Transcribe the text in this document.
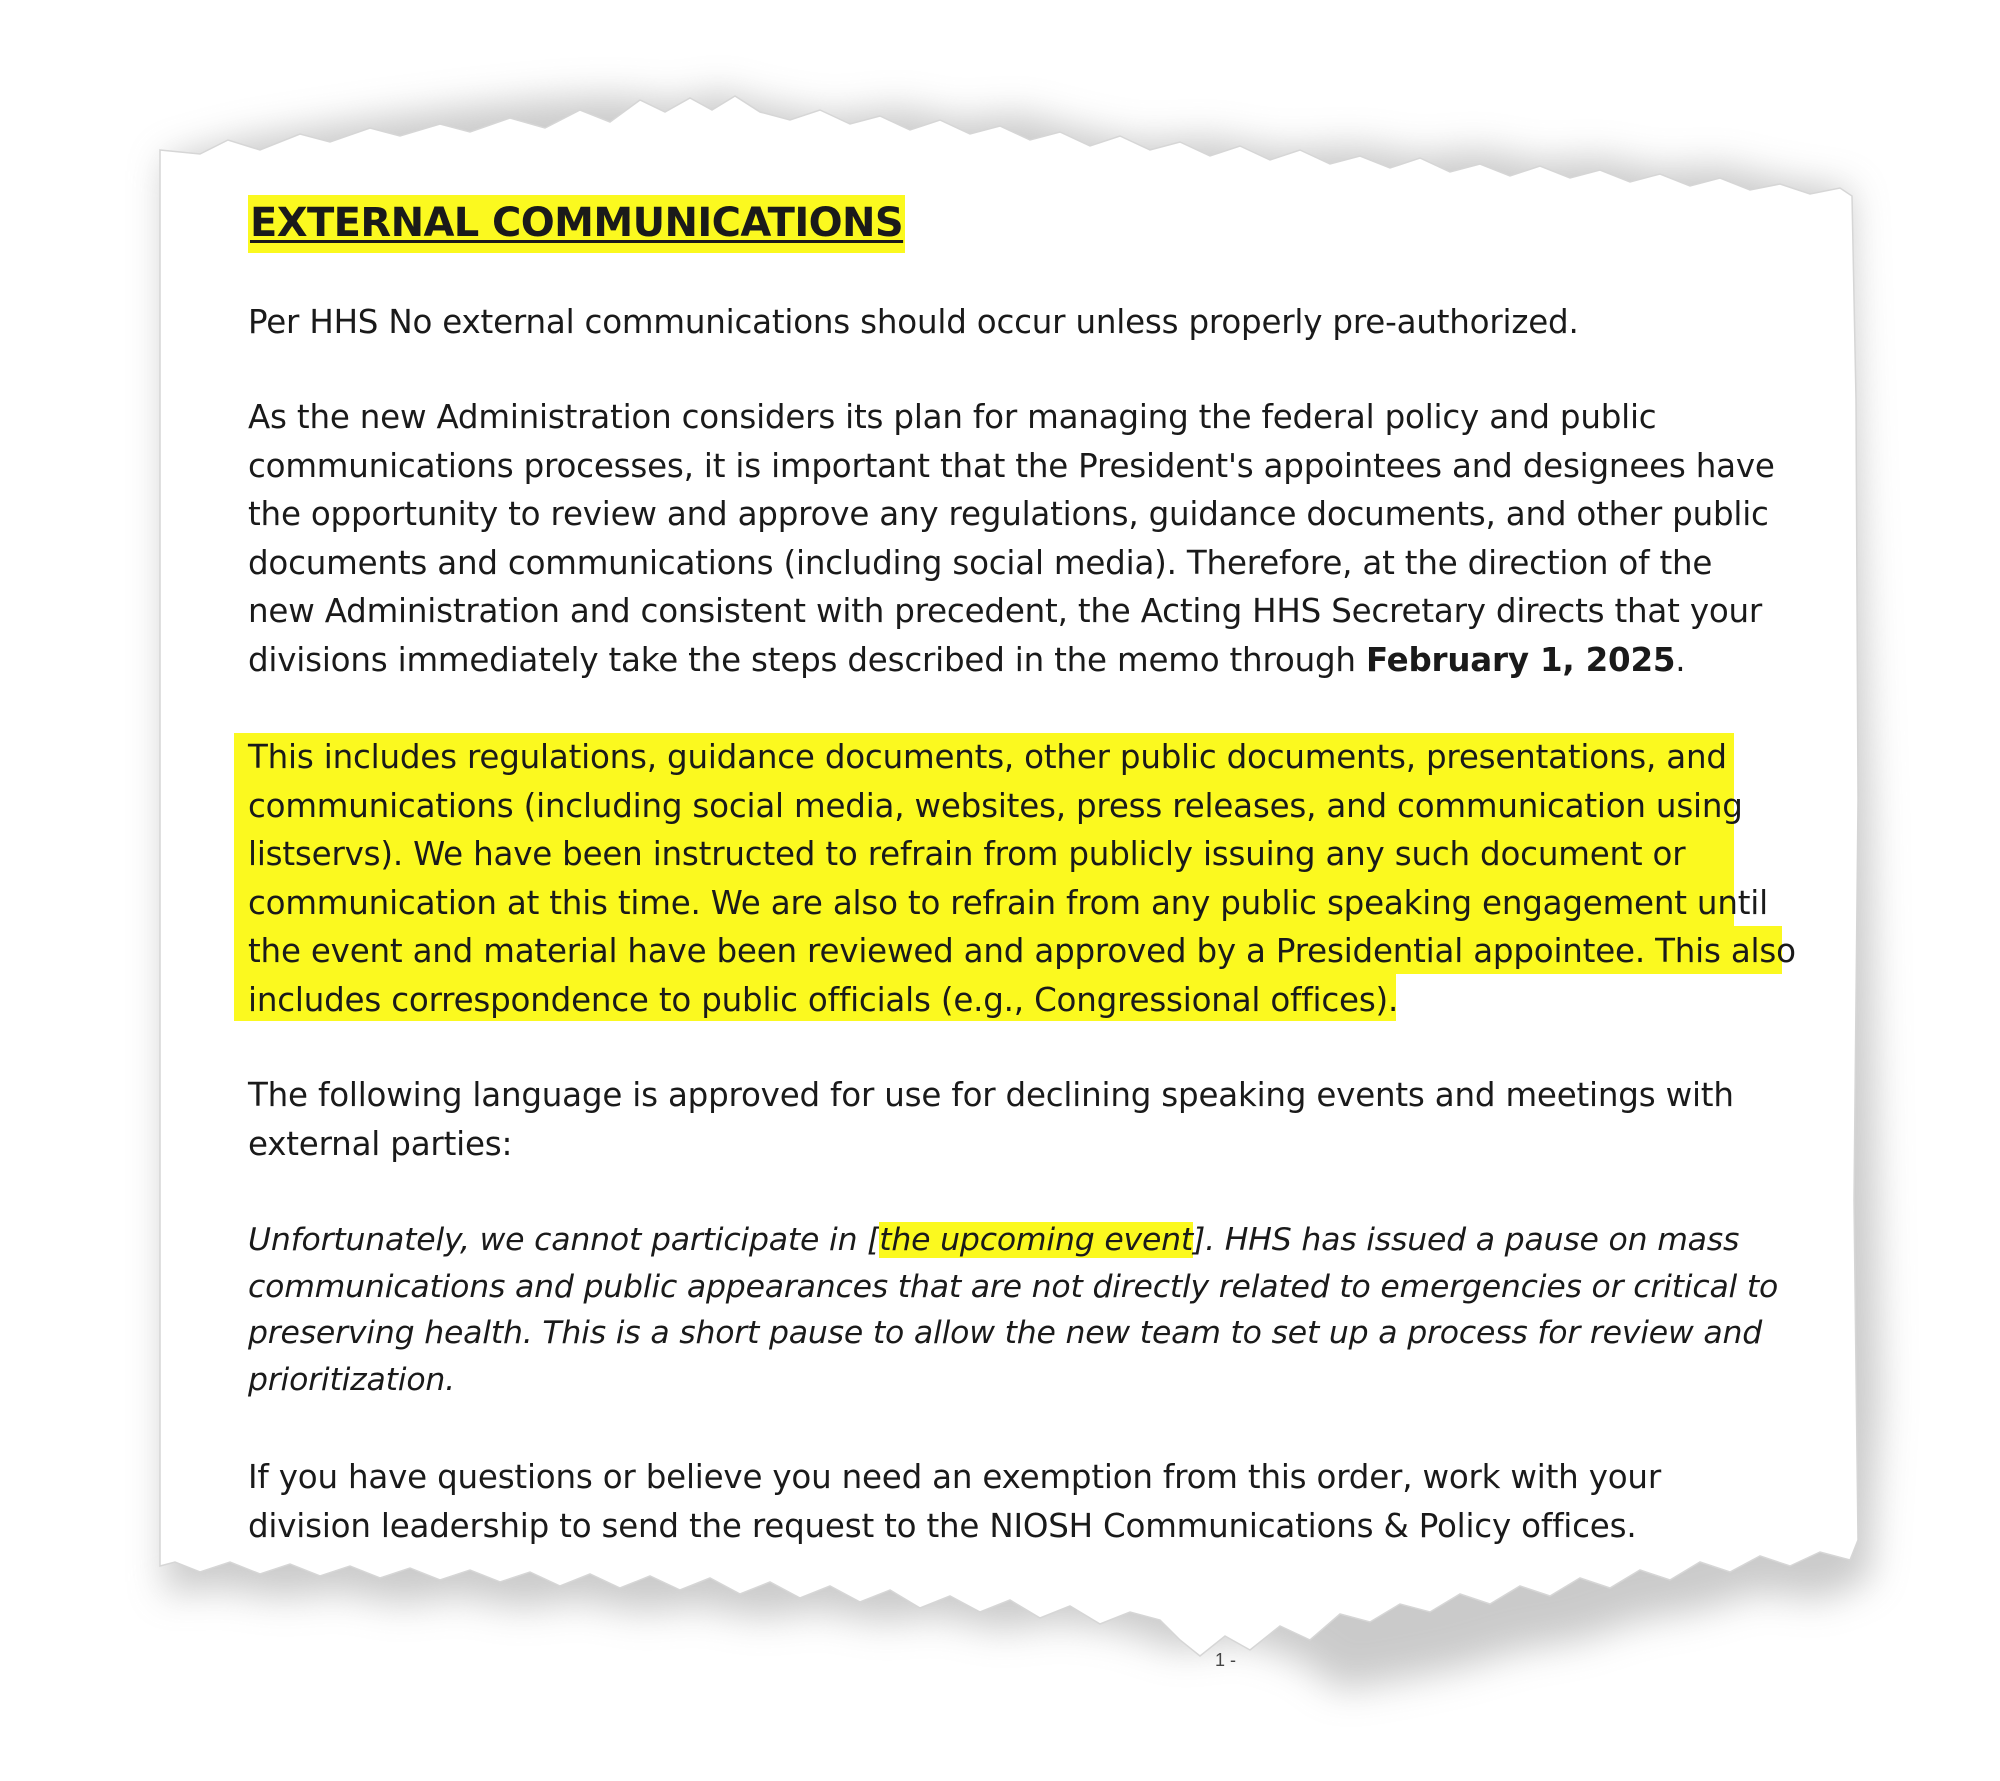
EXTERNAL COMMUNICATIONS
Per HHS No external communications should occur unless properly pre-authorized.
As the new Administration considers its plan for managing the federal policy and public
communications processes, it is important that the President's appointees and designees have
the opportunity to review and approve any regulations, guidance documents, and other public
documents and communications (including social media). Therefore, at the direction of the
new Administration and consistent with precedent, the Acting HHS Secretary directs that your
divisions immediately take the steps described in the memo through February 1, 2025.
This includes regulations, guidance documents, other public documents, presentations, and
communications (including social media, websites, press releases, and communication using
listservs). We have been instructed to refrain from publicly issuing any such document or
communication at this time. We are also to refrain from any public speaking engagement until
the event and material have been reviewed and approved by a Presidential appointee. This also
includes correspondence to public officials (e.g., Congressional offices).
The following language is approved for use for declining speaking events and meetings with
external parties:
Unfortunately, we cannot participate in [the upcoming event]. HHS has issued a pause on mass
communications and public appearances that are not directly related to emergencies or critical to
preserving health. This is a short pause to allow the new team to set up a process for review and
prioritization.
If you have questions or believe you need an exemption from this order, work with your
division leadership to send the request to the NIOSH Communications & Policy offices.
1 -
